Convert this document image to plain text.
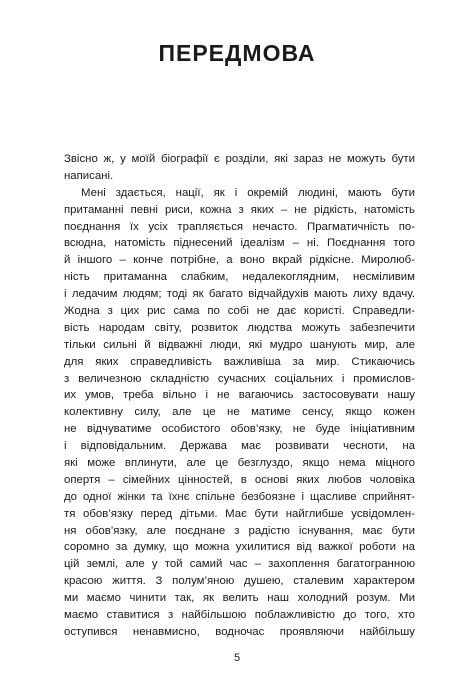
ПЕРЕДМОВА
Звісно ж, у моїй біографії є розділи, які зараз не можуть бути
написані.
Мені здається, нації, як і окремій людині, мають бути
притаманні певні риси, кожна з яких – не рідкість, натомість
поєднання їх усіх трапляється нечасто. Прагматичність по-
всюдна, натомість піднесений ідеалізм – ні. Поєднання того
й іншого – конче потрібне, а воно вкрай рідкісне. Миролюб-
ність притаманна слабким, недалекоглядним, несміливим
і ледачим людям; тоді як багато відчайдухів мають лиху вдачу.
Жодна з цих рис сама по собі не дає користі. Справедли-
вість народам світу, розвиток людства можуть забезпечити
тільки сильні й відважні люди, які мудро шанують мир, але
для яких справедливість важливіша за мир. Стикаючись
з величезною складністю сучасних соціальних і промислов-
их умов, треба вільно і не вагаючись застосовувати нашу
колективну силу, але це не матиме сенсу, якщо кожен
не відчуватиме особистого обов’язку, не буде ініціативним
і відповідальним. Держава має розвивати чесноти, на
які може вплинути, але це безглуздо, якщо нема міцного
опертя – сімейних цінностей, в основі яких любов чоловіка
до одної жінки та їхнє спільне безбоязне і щасливе сприйнят-
тя обов’язку перед дітьми. Має бути найглибше усвідомлен-
ня обов’язку, але поєднане з радістю існування, має бути
соромно за думку, що можна ухилитися від важкої роботи на
цій землі, але у той самий час – захоплення багатогранною
красою життя. З полум’яною душею, сталевим характером
ми маємо чинити так, як велить наш холодний розум. Ми
маємо ставитися з найбільшою поблажливістю до того, хто
оступився ненавмисно, водночас проявляючи найбільшу
5
